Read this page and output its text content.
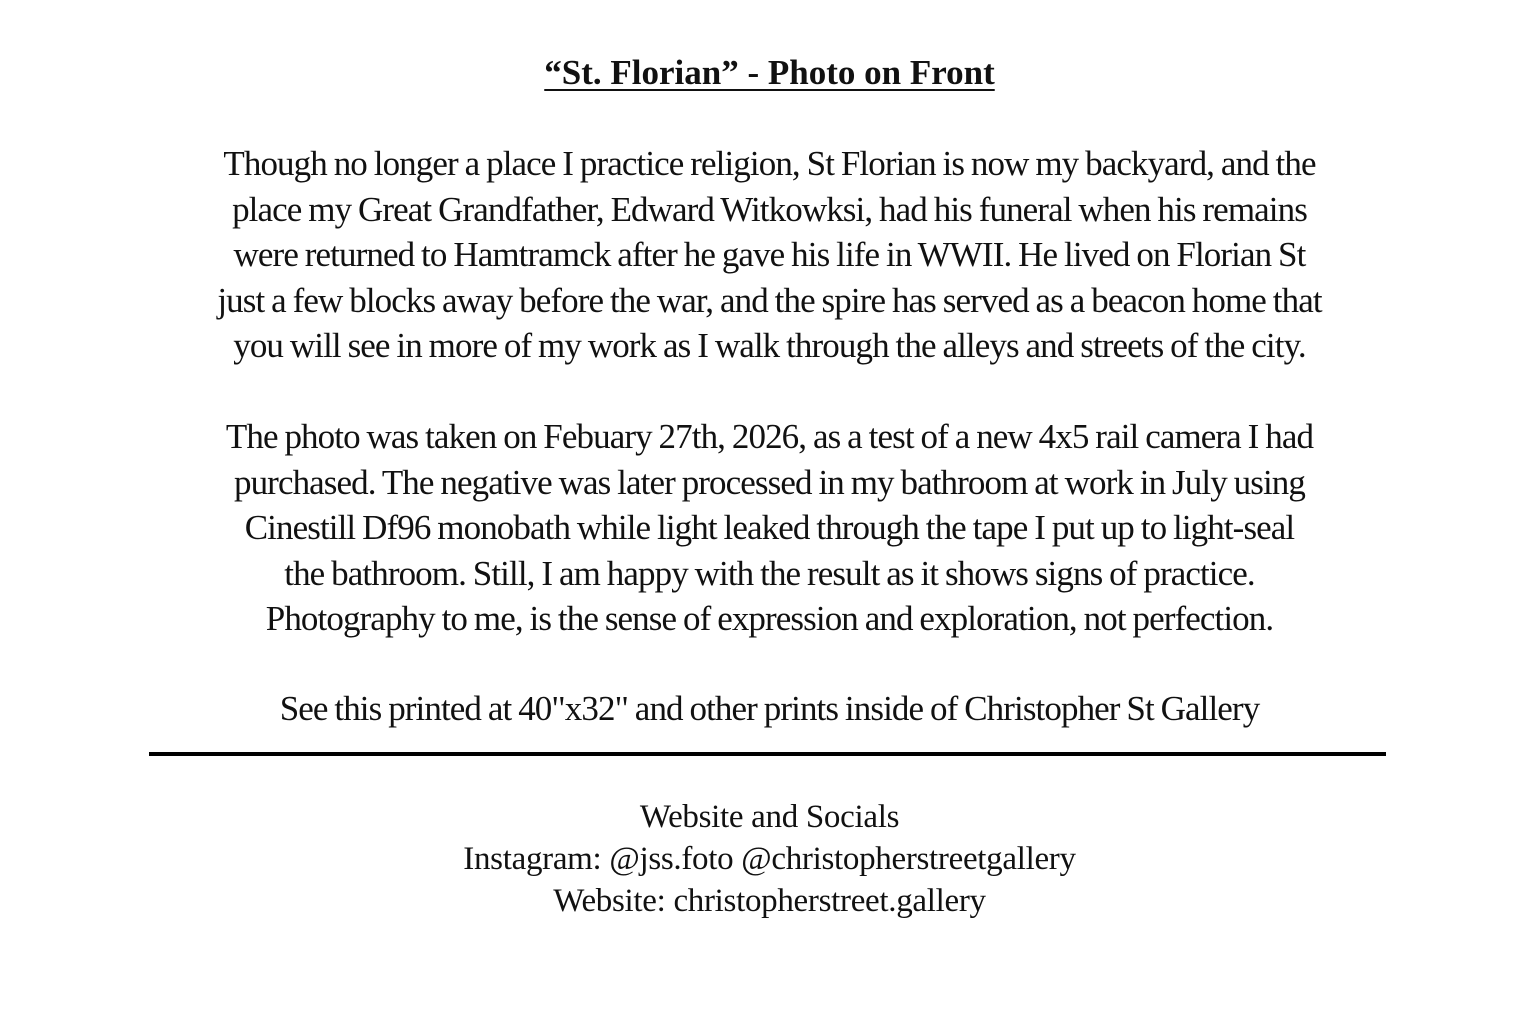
“St. Florian” - Photo on Front

Though no longer a place I practice religion, St Florian is now my backyard, and the
place my Great Grandfather, Edward Witkowksi, had his funeral when his remains
were returned to Hamtramck after he gave his life in WWII. He lived on Florian St
just a few blocks away before the war, and the spire has served as a beacon home that
you will see in more of my work as I walk through the alleys and streets of the city.

The photo was taken on Febuary 27th, 2026, as a test of a new 4x5 rail camera I had
purchased. The negative was later processed in my bathroom at work in July using
Cinestill Df96 monobath while light leaked through the tape I put up to light-seal
the bathroom. Still, I am happy with the result as it shows signs of practice.
Photography to me, is the sense of expression and exploration, not perfection.

See this printed at 40"x32" and other prints inside of Christopher St Gallery

Website and Socials
Instagram: @jss.foto @christopherstreetgallery
Website: christopherstreet.gallery
